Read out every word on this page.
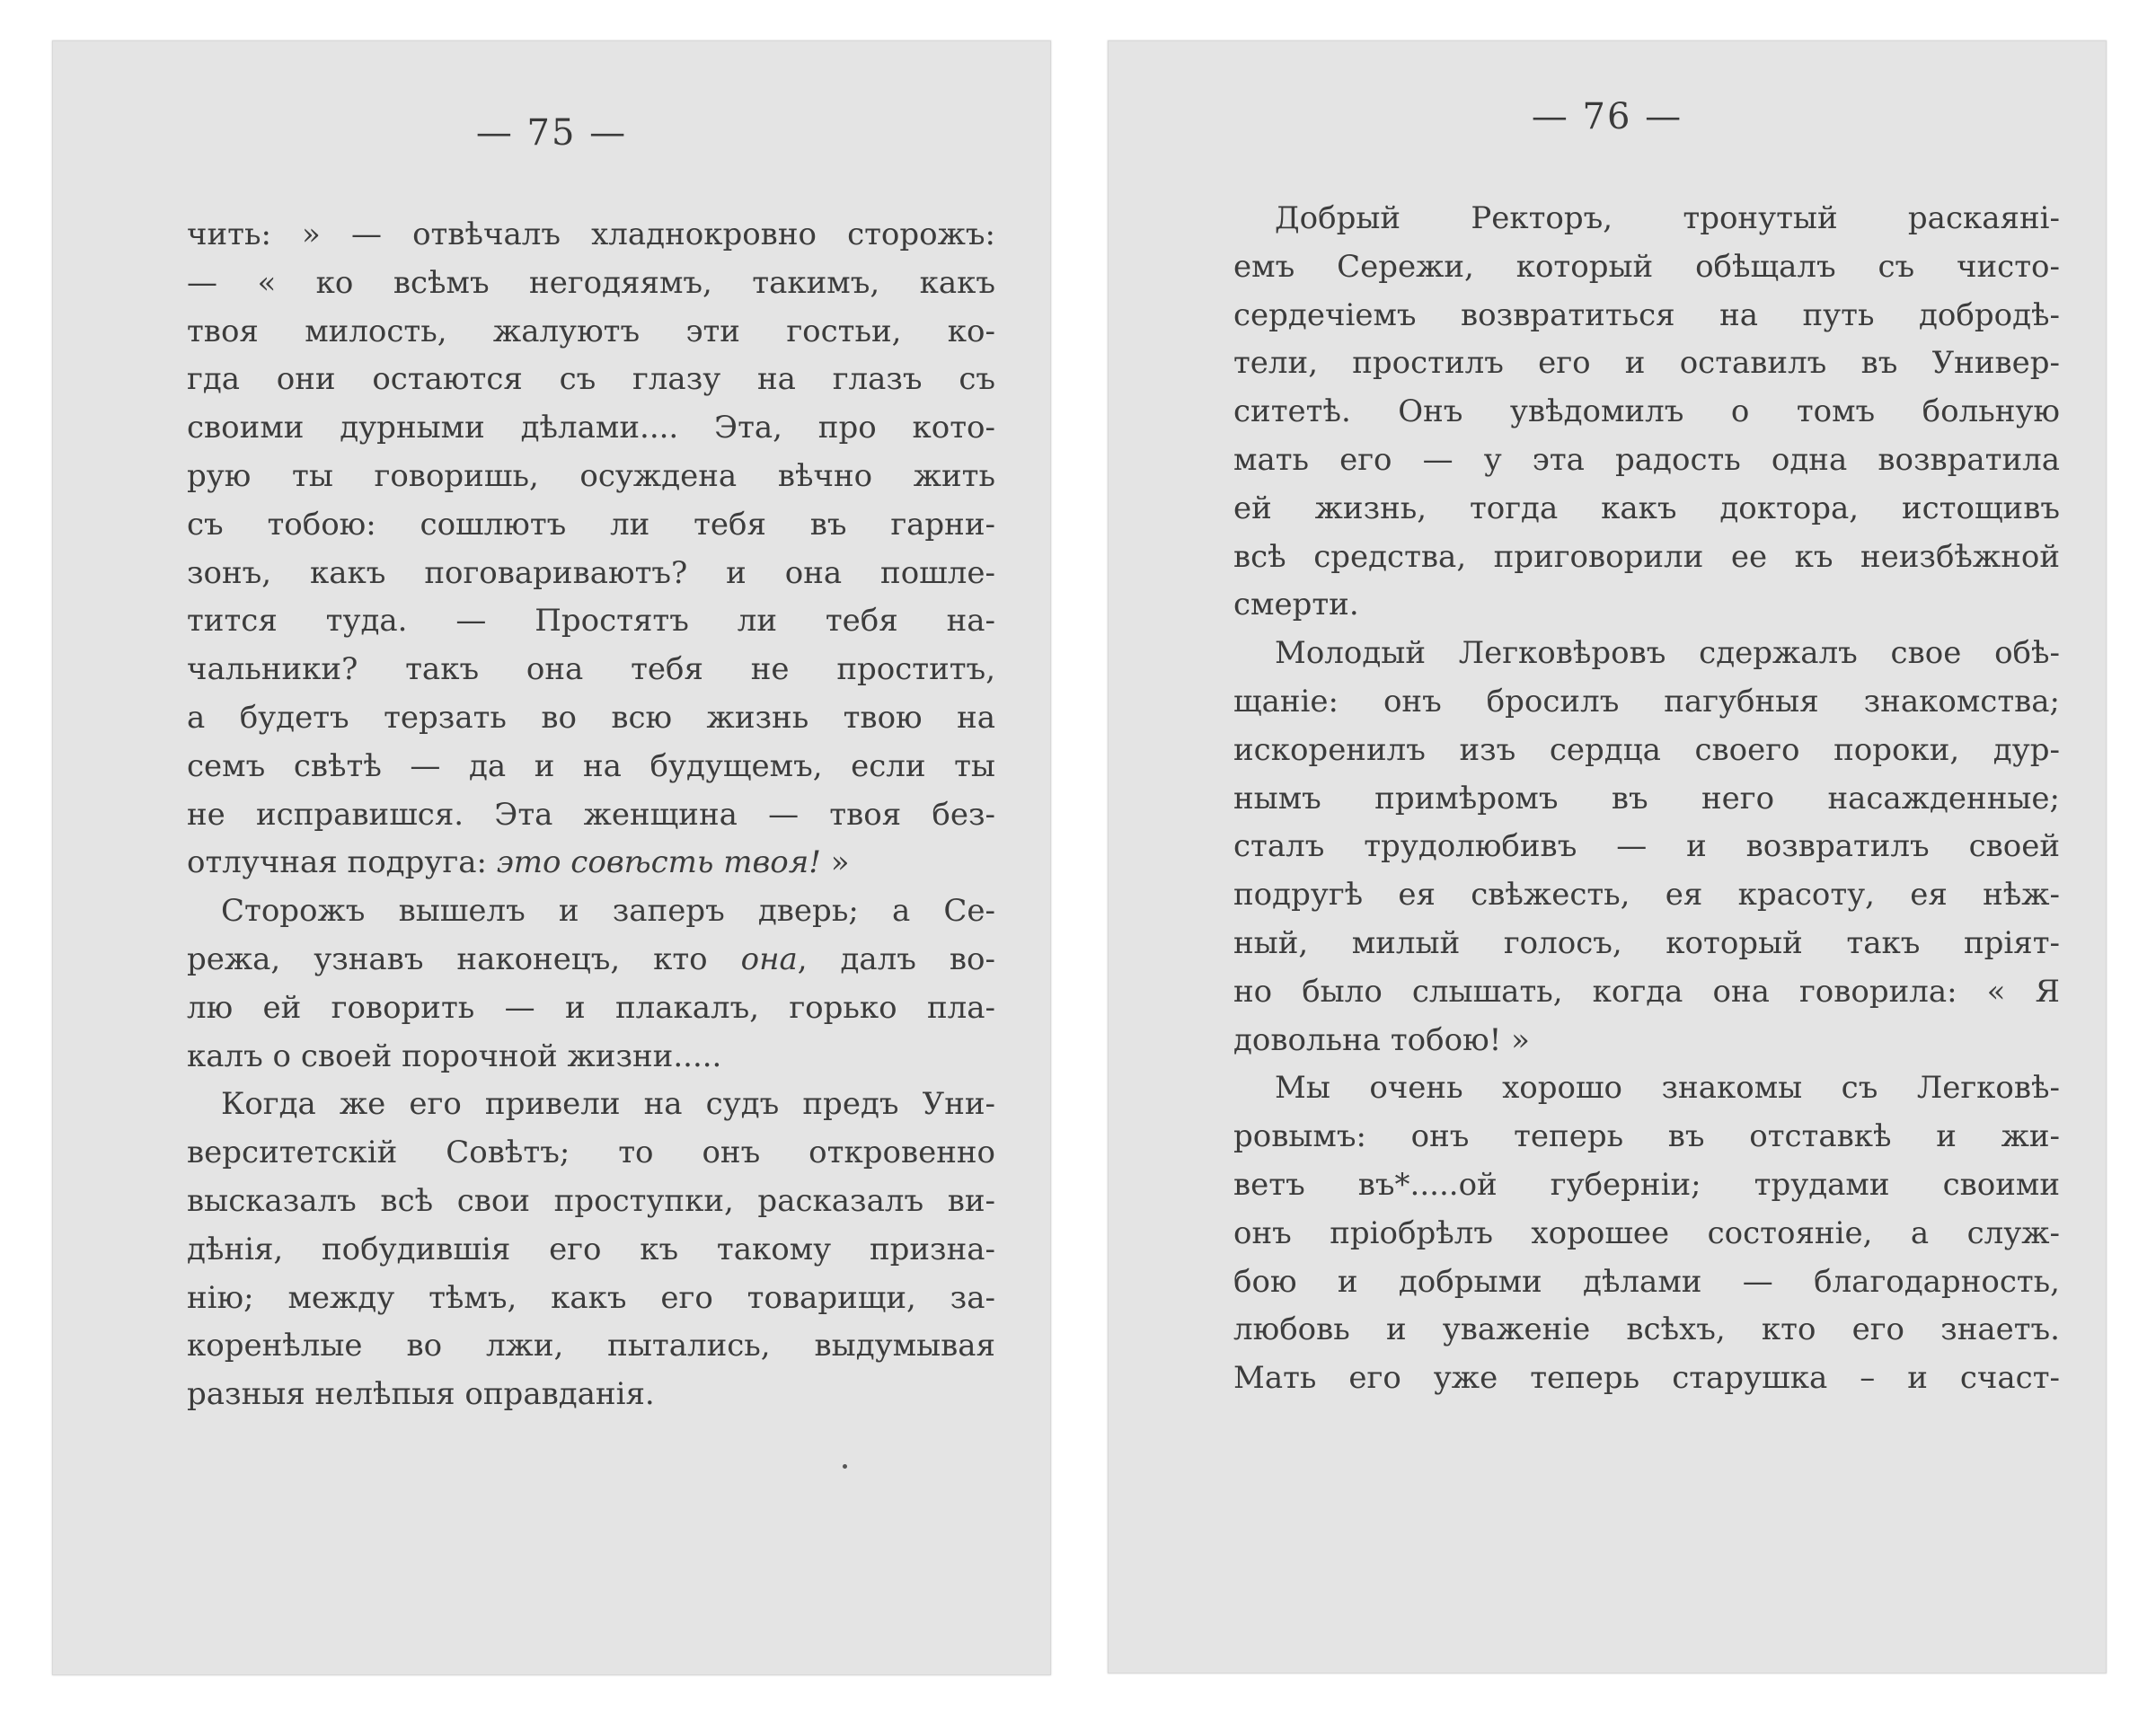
— 75 —
чить: » — отвѣчалъ хладнокровно сторожъ:
— « ко всѣмъ негодяямъ, такимъ, какъ
твоя милость, жалуютъ эти гостьи, ко-
гда они остаются съ глазу на глазъ съ
своими дурными дѣлами.... Эта, про кото-
рую ты говоришь, осуждена вѣчно жить
съ тобою: сошлютъ ли тебя въ гарни-
зонъ, какъ поговариваютъ? и она пошле-
тится туда. — Простятъ ли тебя на-
чальники? такъ она тебя не проститъ,
а будетъ терзать во всю жизнь твою на
семъ свѣтѣ — да и на будущемъ, если ты
не исправишся. Эта женщина — твоя без-
отлучная подруга: это совѣсть твоя! »
Сторожъ вышелъ и заперъ дверь; а Се-
режа, узнавъ наконецъ, кто она, далъ во-
лю ей говорить — и плакалъ, горько пла-
калъ о своей порочной жизни.....
Когда же его привели на судъ предъ Уни-
верситетскій Совѣтъ; то онъ откровенно
высказалъ всѣ свои проступки, расказалъ ви-
дѣнія, побудившія его къ такому призна-
нію; между тѣмъ, какъ его товарищи, за-
коренѣлые во лжи, пытались, выдумывая
разныя нелѣпыя оправданія.
— 76 —
Добрый Ректоръ, тронутый раскаяні-
емъ Сережи, который обѣщалъ съ чисто-
сердечіемъ возвратиться на путь добродѣ-
тели, простилъ его и оставилъ въ Универ-
ситетѣ. Онъ увѣдомилъ о томъ больную
мать его — у эта радость одна возвратила
ей жизнь, тогда какъ доктора, истощивъ
всѣ средства, приговорили ее къ неизбѣжной
смерти.
Молодый Легковѣровъ сдержалъ свое обѣ-
щаніе: онъ бросилъ пагубныя знакомства;
искоренилъ изъ сердца своего пороки, дур-
нымъ примѣромъ въ него насажденные;
сталъ трудолюбивъ — и возвратилъ своей
подругѣ ея свѣжесть, ея красоту, ея нѣж-
ный, милый голосъ, который такъ пріят-
но было слышать, когда она говорила: « Я
довольна тобою! »
Мы очень хорошо знакомы съ Легковѣ-
ровымъ: онъ теперь въ отставкѣ и жи-
ветъ въ*.....ой губерніи; трудами своими
онъ пріобрѣлъ хорошее состояніе, а служ-
бою и добрыми дѣлами — благодарность,
любовь и уваженіе всѣхъ, кто его знаетъ.
Мать его уже теперь старушка – и счаст-
